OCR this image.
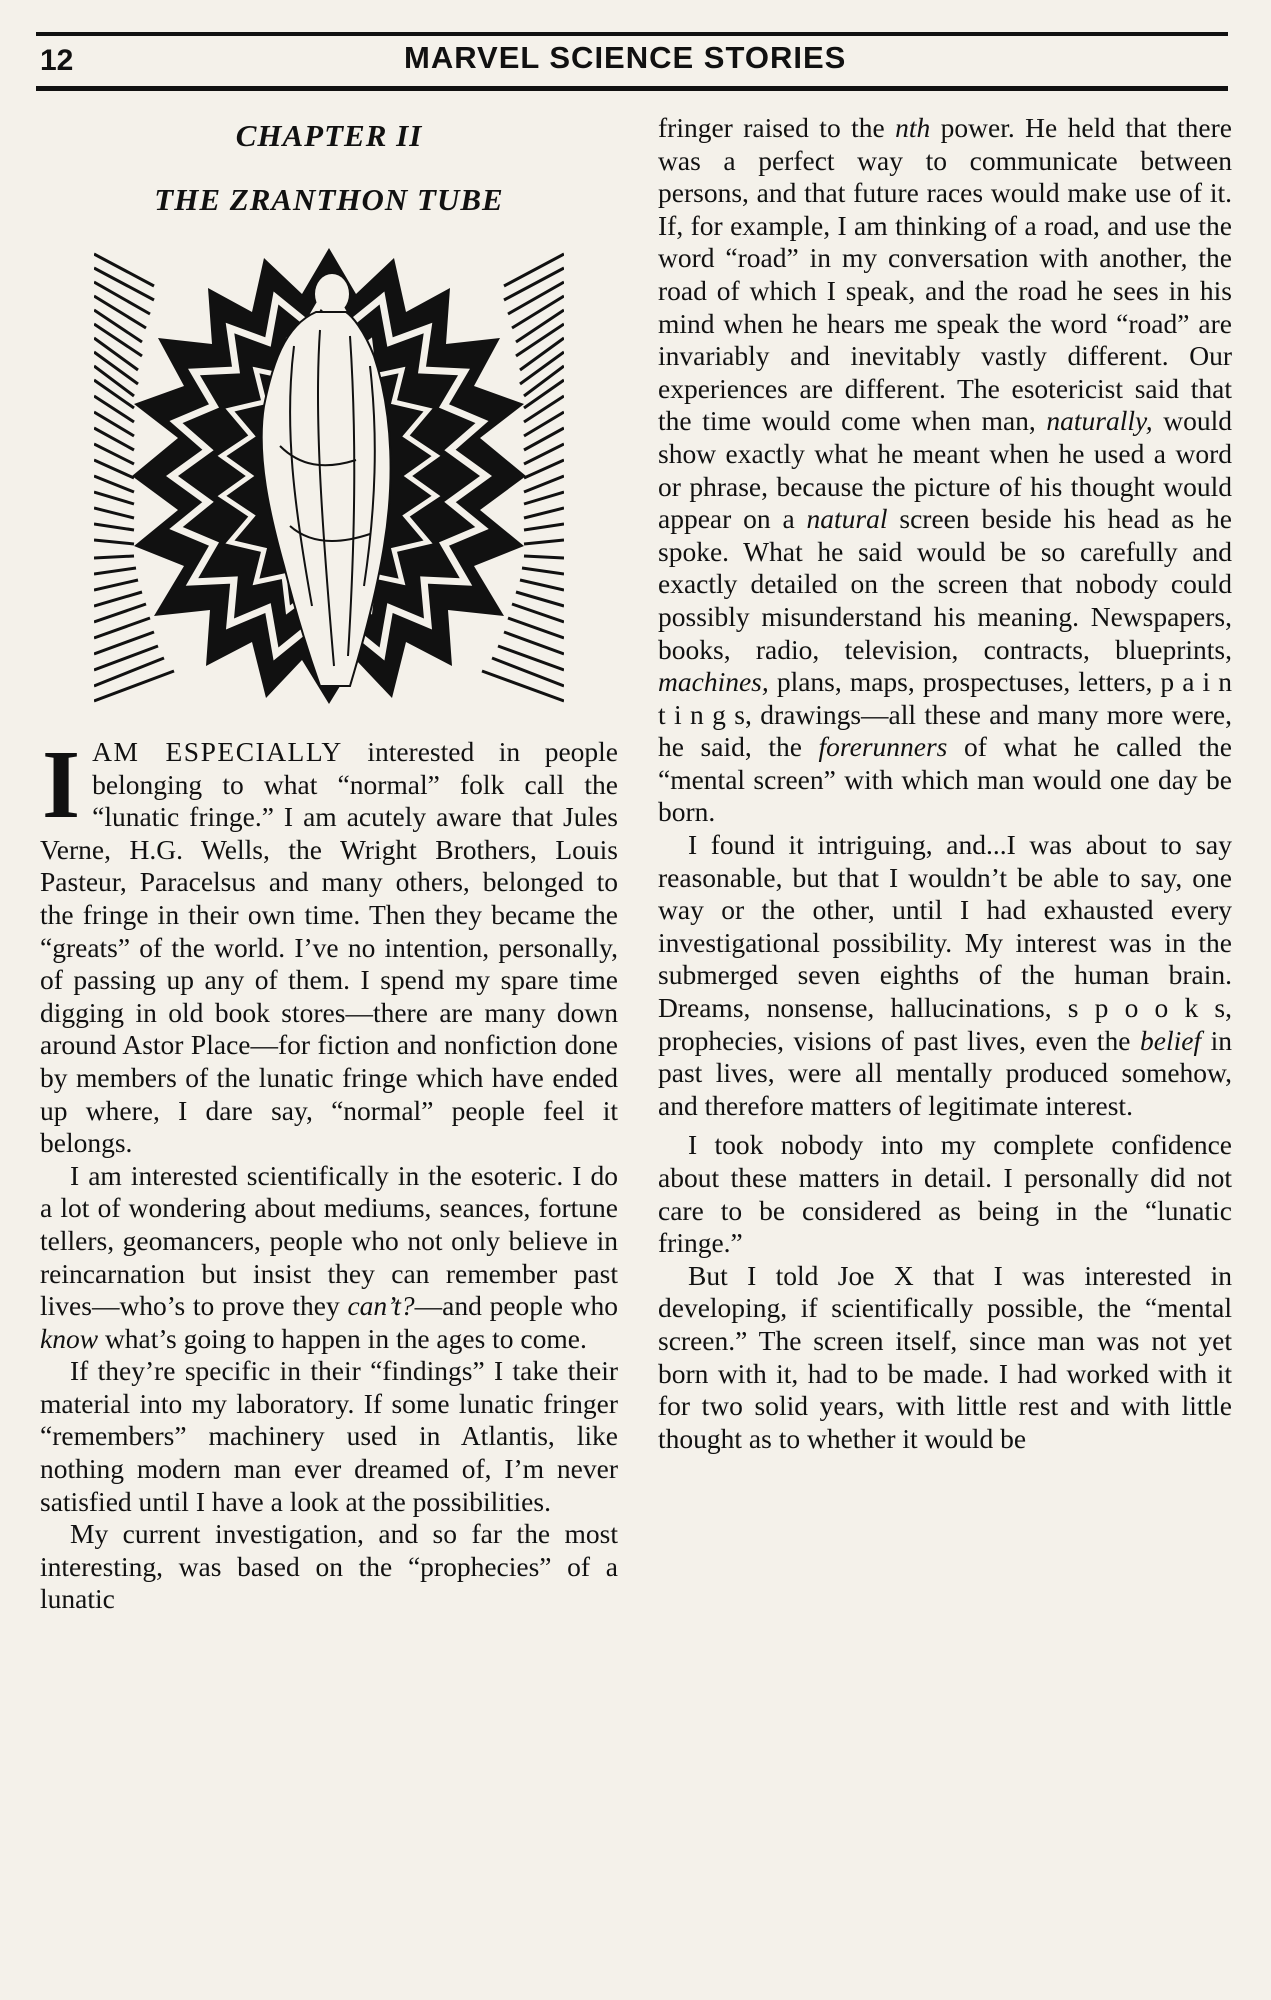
12	MARVEL SCIENCE STORIES
CHAPTER II
THE ZRANTHON TUBE

IAM ESPECIALLY interested in people belonging to what “normal” folk call the “lunatic fringe.” I am acutely aware that Jules Verne, H.G. Wells, the Wright Brothers, Louis Pasteur, Paracelsus and many others, belonged to the fringe in their own time. Then they became the “greats” of the world. I’ve no intention, personally, of passing up any of them. I spend my spare time digging in old book stores—there are many down around Astor Place—for fiction and nonfiction done by members of the lunatic fringe which have ended up where, I dare say, “normal” people feel it belongs.

I am interested scientifically in the esoteric. I do a lot of wondering about mediums, seances, fortune tellers, geomancers, people who not only believe in reincarnation but insist they can remember past lives—who’s to prove they can’t?—and people who know what’s going to happen in the ages to come.

If they’re specific in their “findings” I take their material into my laboratory. If some lunatic fringer “remembers” machinery used in Atlantis, like nothing modern man ever dreamed of, I’m never satisfied until I have a look at the possibilities.

My current investigation, and so far the most interesting, was based on the “prophecies” of a lunatic

fringer raised to the nth power. He held that there was a perfect way to communicate between persons, and that future races would make use of it. If, for example, I am thinking of a road, and use the word “road” in my conversation with another, the road of which I speak, and the road he sees in his mind when he hears me speak the word “road” are invariably and inevitably vastly different. Our experiences are different. The esotericist said that the time would come when man, naturally, would show exactly what he meant when he used a word or phrase, because the picture of his thought would appear on a natural screen beside his head as he spoke. What he said would be so carefully and exactly detailed on the screen that nobody could possibly misunderstand his meaning. Newspapers, books, radio, television, contracts, blueprints, machines, plans, maps, prospectuses, letters, p a i n t i n g s, drawings—all these and many more were, he said, the forerunners of what he called the “mental screen” with which man would one day be born.

I found it intriguing, and...I was about to say reasonable, but that I wouldn’t be able to say, one way or the other, until I had exhausted every investigational possibility. My interest was in the submerged seven eighths of the human brain. Dreams, nonsense, hallucinations, s p o o k s, prophecies, visions of past lives, even the belief in past lives, were all mentally produced somehow, and therefore matters of legitimate interest.

I took nobody into my complete confidence about these matters in detail. I personally did not care to be considered as being in the “lunatic fringe.”

But I told Joe X that I was interested in developing, if scientifically possible, the “mental screen.” The screen itself, since man was not yet born with it, had to be made. I had worked with it for two solid years, with little rest and with little thought as to whether it would be
